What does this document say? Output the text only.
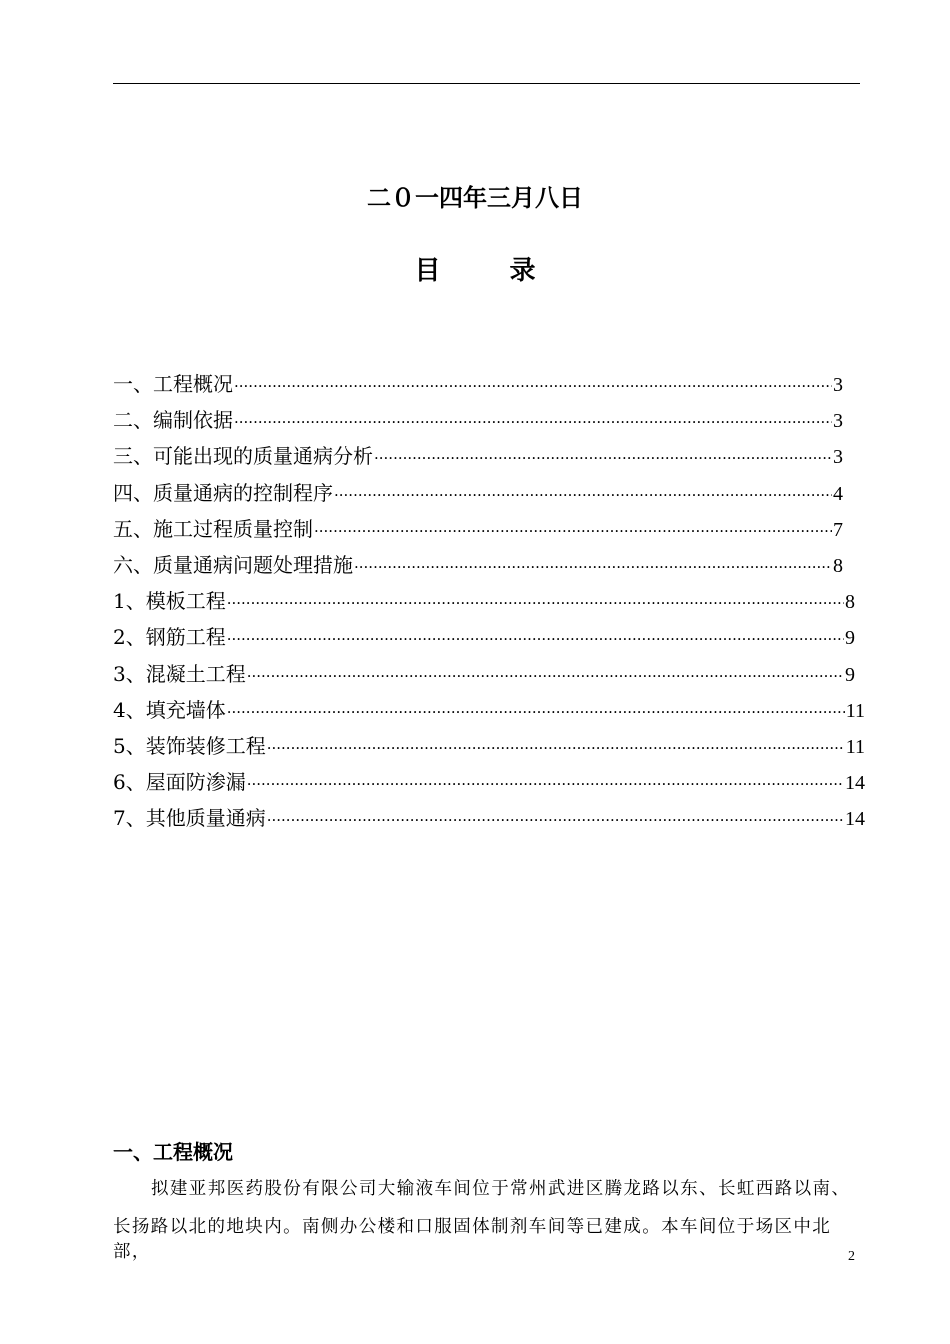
二０一四年三月八日
目 录
一、工程概况 ·····	3
二、编制依据 ·····	3
三、可能出现的质量通病分析 ·····	3
四、质量通病的控制程序 ·····	4
五、施工过程质量控制 ·····	7
六、质量通病问题处理措施 ·····	8
1、模板工程 ·····	8
2、钢筋工程 ·····	9
3、混凝土工程 ·····	9
4、填充墙体 ·····	11
5、装饰装修工程 ·····	11
6、屋面防渗漏 ·····	14
7、其他质量通病 ·····	14
一、工程概况
拟建亚邦医药股份有限公司大输液车间位于常州武进区腾龙路以东、长虹西路以南、
长扬路以北的地块内。南侧办公楼和口服固体制剂车间等已建成。本车间位于场区中北部，	2
